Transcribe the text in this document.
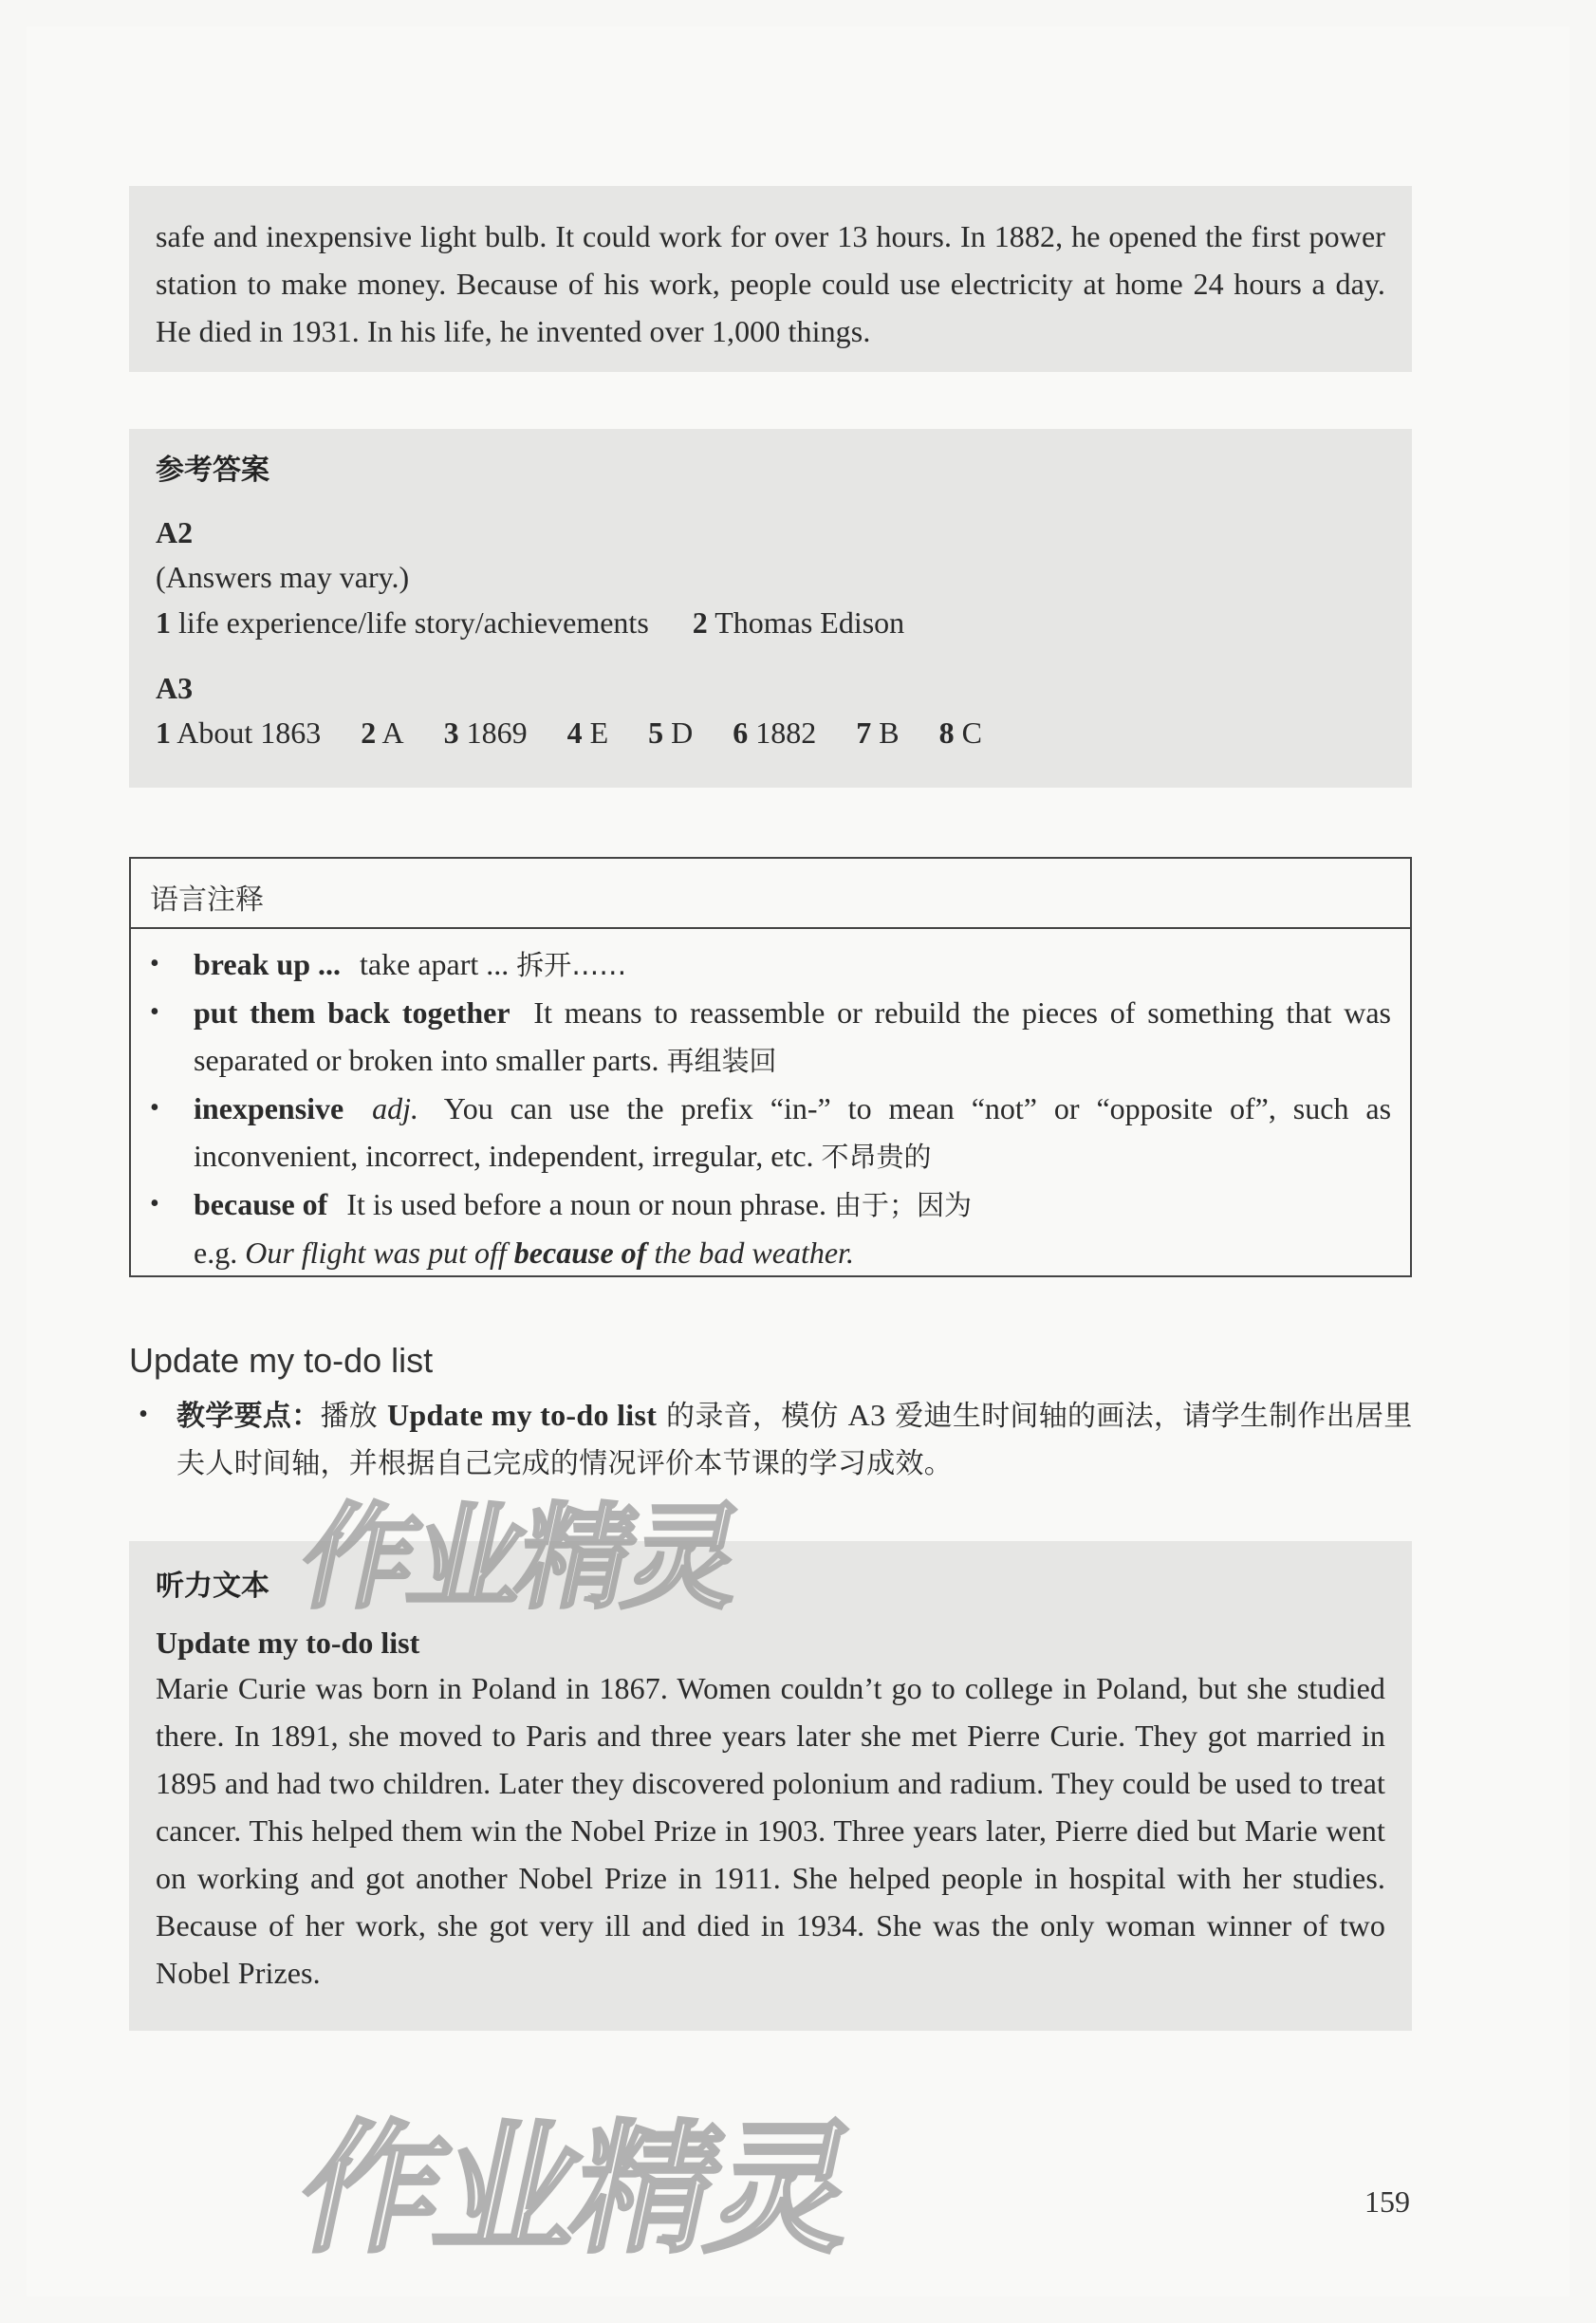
safe and inexpensive light bulb. It could work for over 13 hours. In 1882, he opened the first power station to make money. Because of his work, people could use electricity at home 24 hours a day. He died in 1931. In his life, he invented over 1,000 things.

参考答案
A2
(Answers may vary.)
1 life experience/life story/achievements 2 Thomas Edison
A3
1 About 1863 2 A 3 1869 4 E 5 D 6 1882 7 B 8 C
语言注释
•	break up ... take apart ... 拆开……
•	put them back together It means to reassemble or rebuild the pieces of something that was separated or broken into smaller parts. 再组装回
•	inexpensive adj. You can use the prefix “in-” to mean “not” or “opposite of”, such as inconvenient, incorrect, independent, irregular, etc. 不昂贵的
•	because of It is used before a noun or noun phrase. 由于；因为
e.g. Our flight was put off because of the bad weather.
Update my to-do list
•	教学要点：播放 Update my to-do list 的录音，模仿 A3 爱迪生时间轴的画法，请学生制作出居里夫人时间轴，并根据自己完成的情况评价本节课的学习成效。
听力文本
Update my to-do list

Marie Curie was born in Poland in 1867. Women couldn’t go to college in Poland, but she studied there. In 1891, she moved to Paris and three years later she met Pierre Curie. They got married in 1895 and had two children. Later they discovered polonium and radium. They could be used to treat cancer. This helped them win the Nobel Prize in 1903. Three years later, Pierre died but Marie went on working and got another Nobel Prize in 1911. She helped people in hospital with her studies. Because of her work, she got very ill and died in 1934. She was the only woman winner of two Nobel Prizes.

作业精灵
作业精灵	159
